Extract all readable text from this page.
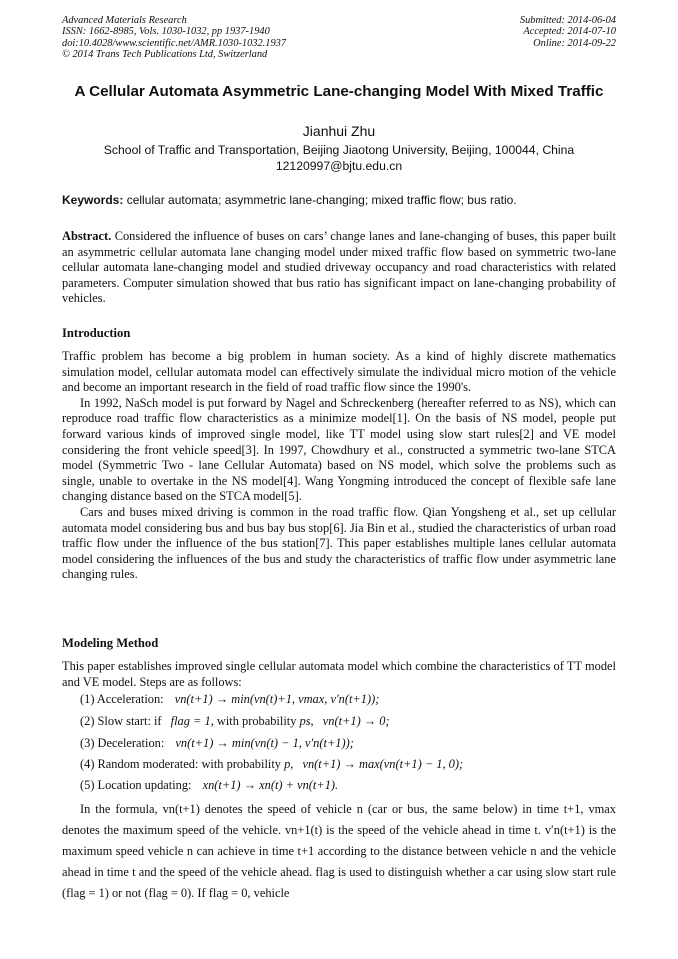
Advanced Materials Research
ISSN: 1662-8985, Vols. 1030-1032, pp 1937-1940
doi:10.4028/www.scientific.net/AMR.1030-1032.1937
© 2014 Trans Tech Publications Ltd, Switzerland
Submitted: 2014-06-04
Accepted: 2014-07-10
Online: 2014-09-22
A Cellular Automata Asymmetric Lane-changing Model With Mixed Traffic
Jianhui Zhu
School of Traffic and Transportation, Beijing Jiaotong University, Beijing, 100044, China
12120997@bjtu.edu.cn
Keywords: cellular automata; asymmetric lane-changing; mixed traffic flow; bus ratio.

Abstract. Considered the influence of buses on cars’ change lanes and lane-changing of buses, this paper built an asymmetric cellular automata lane changing model under mixed traffic flow based on symmetric two-lane cellular automata lane-changing model and studied driveway occupancy and road characteristics with related parameters. Computer simulation showed that bus ratio has significant impact on lane-changing probability of vehicles.

Introduction

Traffic problem has become a big problem in human society. As a kind of highly discrete mathematics simulation model, cellular automata model can effectively simulate the individual micro motion of the vehicle and become an important research in the field of road traffic flow since the 1990's.

In 1992, NaSch model is put forward by Nagel and Schreckenberg (hereafter referred to as NS), which can reproduce road traffic flow characteristics as a minimize model[1]. On the basis of NS model, people put forward various kinds of improved single model, like TT model using slow start rules[2] and VE model considering the front vehicle speed[3]. In 1997, Chowdhury et al., constructed a symmetric two-lane STCA model (Symmetric Two - lane Cellular Automata) based on NS model, which solve the problems such as single, unable to overtake in the NS model[4]. Wang Yongming introduced the concept of flexible safe lane changing distance based on the STCA model[5].

Cars and buses mixed driving is common in the road traffic flow. Qian Yongsheng et al., set up cellular automata model considering bus and bus bay bus stop[6]. Jia Bin et al., studied the characteristics of urban road traffic flow under the influence of the bus station[7]. This paper establishes multiple lanes cellular automata model considering the influences of the bus and study the characteristics of traffic flow under asymmetric lane changing rules.

Modeling Method
This paper establishes improved single cellular automata model which combine the characteristics of TT model and VE model. Steps are as follows:
(1) Acceleration: vn(t+1) → min(vn(t)+1, vmax, v′n(t+1));
(2) Slow start: if flag = 1, with probability ps, vn(t+1) → 0;
(3) Deceleration: vn(t+1) → min(vn(t) − 1, v′n(t+1));
(4) Random moderated: with probability p, vn(t+1) → max(vn(t+1) − 1, 0);
(5) Location updating: xn(t+1) → xn(t) + vn(t+1).

In the formula, vn(t+1) denotes the speed of vehicle n (car or bus, the same below) in time t+1, vmax denotes the maximum speed of the vehicle. vn+1(t) is the speed of the vehicle ahead in time t. v′n(t+1) is the maximum speed vehicle n can achieve in time t+1 according to the distance between vehicle n and the vehicle ahead in time t and the speed of the vehicle ahead. flag is used to distinguish whether a car using slow start rule (flag = 1) or not (flag = 0). If flag = 0, vehicle
